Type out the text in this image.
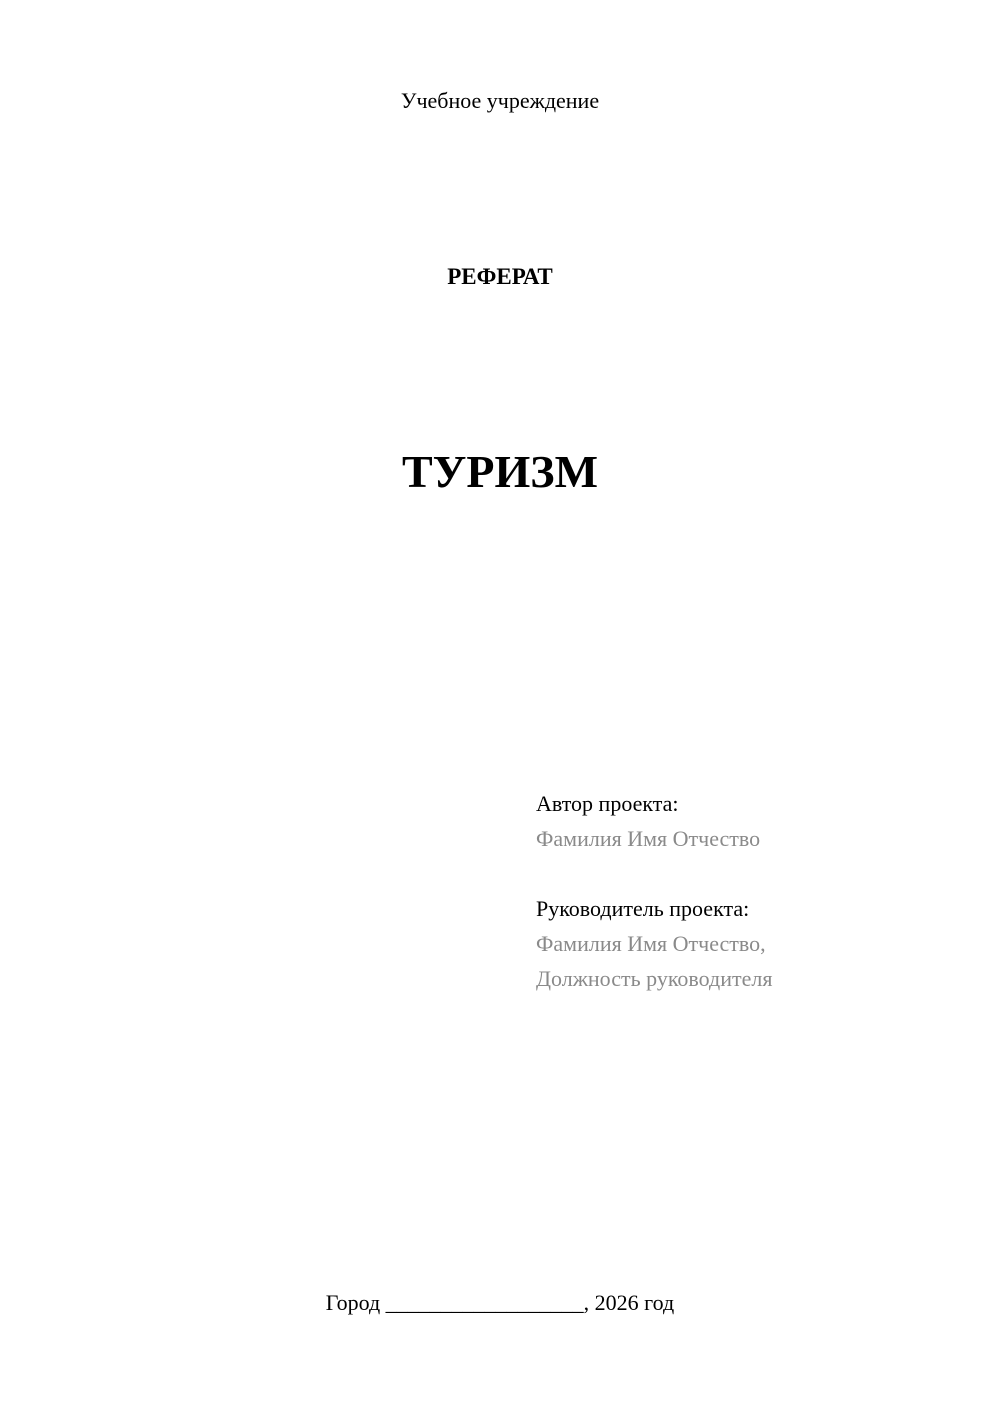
Учебное учреждение
РЕФЕРАТ
ТУРИЗМ
Автор проекта:
Фамилия Имя Отчество
Руководитель проекта:
Фамилия Имя Отчество,
Должность руководителя
Город __________________, 2026 год
